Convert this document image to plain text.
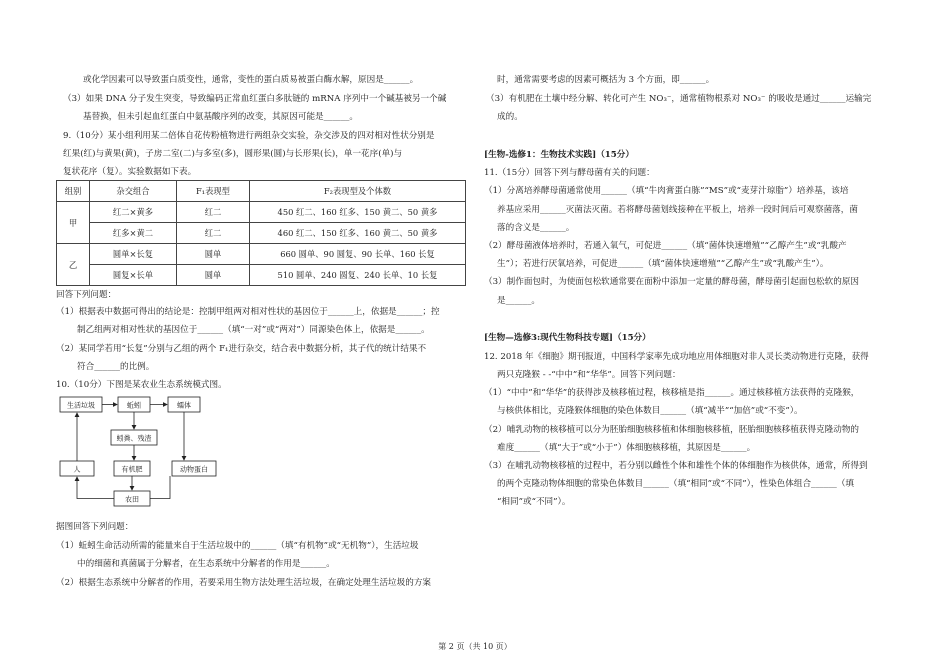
或化学因素可以导致蛋白质变性，通常，变性的蛋白质易被蛋白酶水解，原因是______。
（3）如果 DNA 分子发生突变，导致编码正常血红蛋白多肽链的 mRNA 序列中一个碱基被另一个碱
基替换，但未引起血红蛋白中氨基酸序列的改变，其原因可能是______。
9.（10分）某小组利用某二倍体自花传粉植物进行两组杂交实验，杂交涉及的四对相对性状分别是
红果(红)与黄果(黄)，子房二室(二)与多室(多)，圆形果(圆)与长形果(长)，单一花序(单)与
复状花序（复）。实验数据如下表。
组别	杂交组合	F₁表现型	F₂表现型及个体数
甲	红二×黄多	红二	450 红二、160 红多、150 黄二、50 黄多
	红多×黄二	红二	460 红二、150 红多、160 黄二、50 黄多
乙	圆单×长复	圆单	660 圆单、90 圆复、90 长单、160 长复
	圆复×长单	圆单	510 圆单、240 圆复、240 长单、10 长复
回答下列问题：
（1）根据表中数据可得出的结论是：控制甲组两对相对性状的基因位于______上，依据是______；控
制乙组两对相对性状的基因位于______（填“一对”或“两对”）同源染色体上，依据是______。
（2）某同学若用“长复”分别与乙组的两个 F₁进行杂交，结合表中数据分析，其子代的统计结果不
符合______的比例。
10.（10分）下图是某农业生态系统模式图。
生活垃圾	蚯蚓	蠕体
蚓粪、残渣
人	有机肥	动物蛋白
农田
据图回答下列问题：
（1）蚯蚓生命活动所需的能量来自于生活垃圾中的______（填“有机物”或“无机物”），生活垃圾
中的细菌和真菌属于分解者，在生态系统中分解者的作用是______。
（2）根据生态系统中分解者的作用，若要采用生物方法处理生活垃圾，在确定处理生活垃圾的方案
时，通常需要考虑的因素可概括为 3 个方面，即______。
（3）有机肥在土壤中经分解、转化可产生 NO₃⁻，通常植物根系对 NO₃⁻ 的吸收是通过______运输完
成的。
[生物-选修1：生物技术实践]（15分）
11.（15分）回答下列与酵母菌有关的问题：
（1）分离培养酵母菌通常使用______（填“牛肉膏蛋白胨”“MS”或“麦芽汁琼脂”）培养基，该培
养基应采用______灭菌法灭菌。若将酵母菌划线接种在平板上，培养一段时间后可观察菌落，菌
落的含义是______。
（2）酵母菌液体培养时，若通入氧气，可促进______（填“菌体快速增殖”“乙醇产生”或“乳酸产
生”）；若进行厌氧培养，可促进______（填“菌体快速增殖”“乙醇产生”或“乳酸产生”）。
（3）制作面包时，为使面包松软通常要在面粉中添加一定量的酵母菌，酵母菌引起面包松软的原因
是______。
[生物—选修3:现代生物科技专题]（15分）
12. 2018 年《细胞》期刊报道，中国科学家率先成功地应用体细胞对非人灵长类动物进行克隆，获得
两只克隆猴 - -“中中”和“华华”。回答下列问题：
（1）“中中”和“华华”的获得涉及核移植过程，核移植是指______。通过核移植方法获得的克隆猴，
与核供体相比，克隆猴体细胞的染色体数目______（填“减半”“加倍”或“不变”）。
（2）哺乳动物的核移植可以分为胚胎细胞核移植和体细胞核移植，胚胎细胞核移植获得克隆动物的
难度______（填“大于”或“小于”）体细胞核移植，其原因是______。
（3）在哺乳动物核移植的过程中，若分别以雌性个体和雄性个体的体细胞作为核供体，通常，所得到
的两个克隆动物体细胞的常染色体数目______（填“相同”或“不同”），性染色体组合______（填
“相同”或“不同”）。
第 2 页（共 10 页）
